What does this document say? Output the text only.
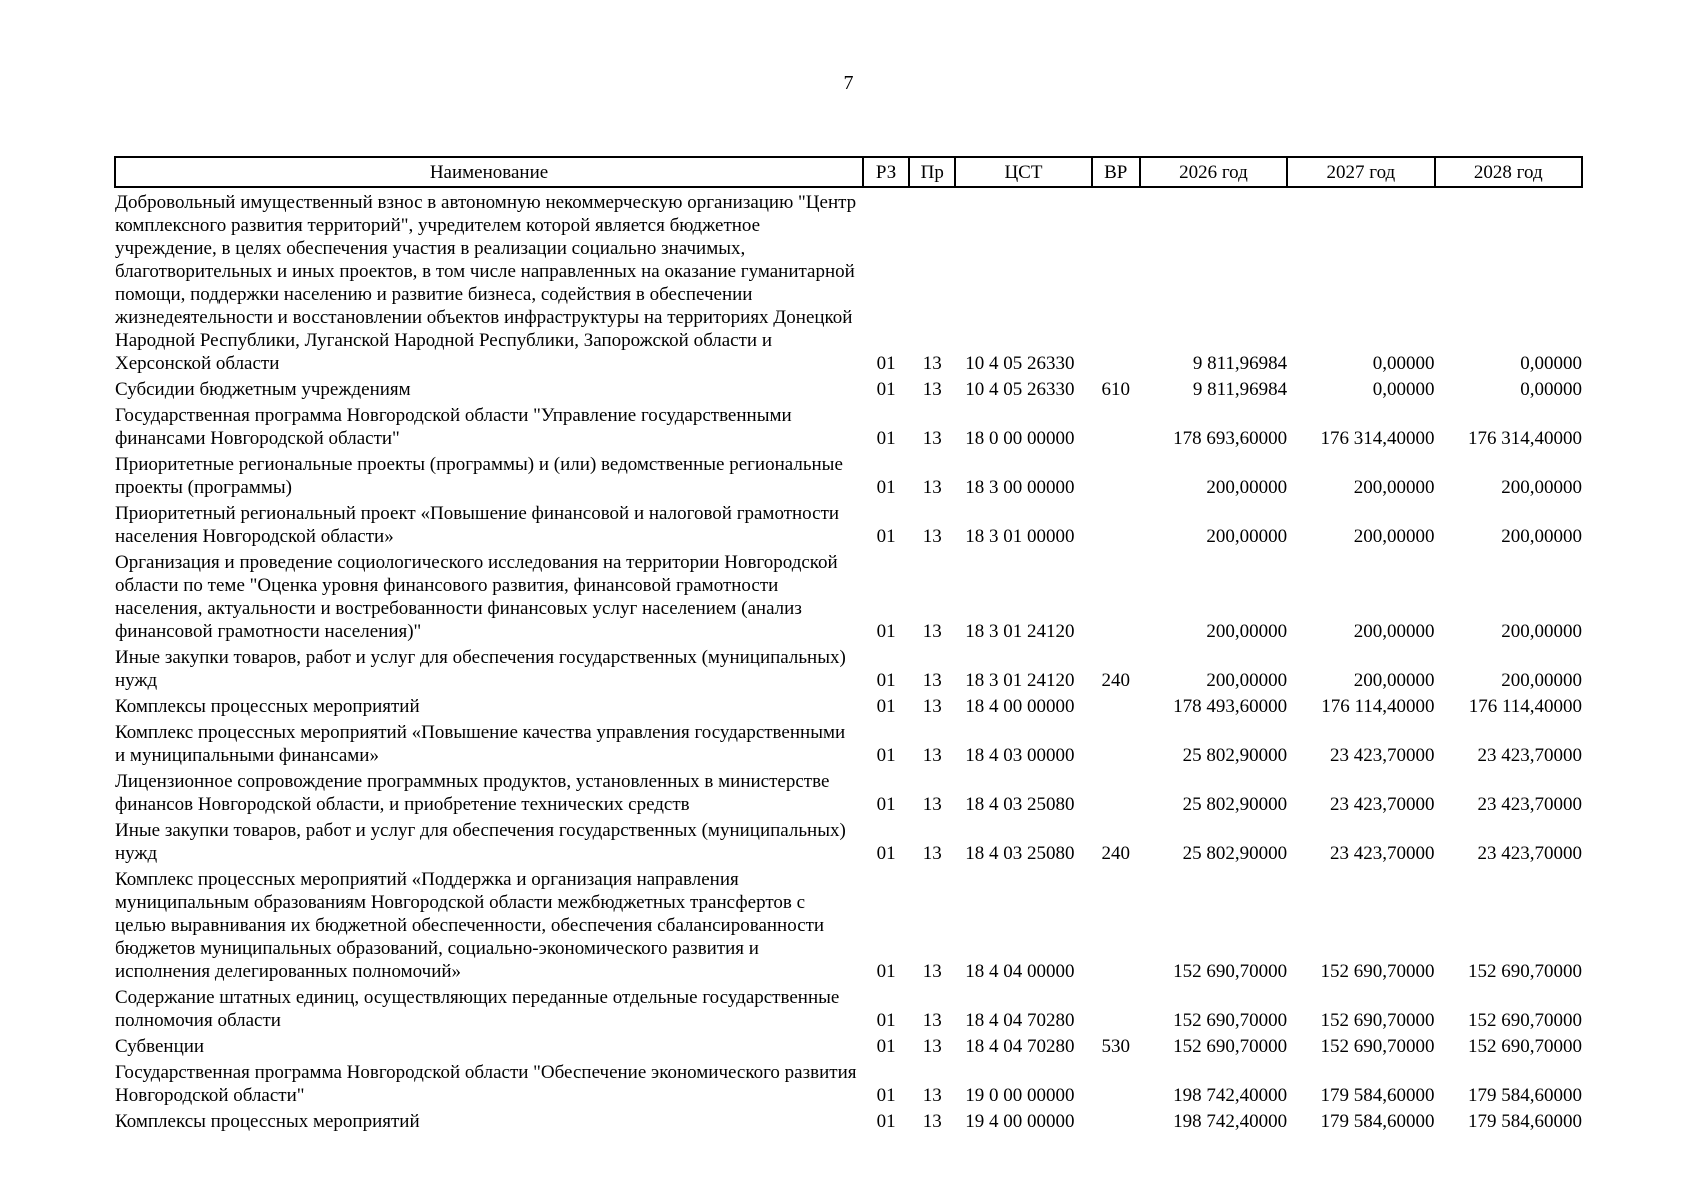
7
Наименование	РЗ	Пр	ЦСТ	ВР	2026 год	2027 год	2028 год
Добровольный имущественный взнос в автономную некоммерческую организацию "Центр комплексного развития территорий", учредителем которой является бюджетное учреждение, в целях обеспечения участия в реализации социально значимых, благотворительных и иных проектов, в том числе направленных на оказание гуманитарной помощи, поддержки населению и развитие бизнеса, содействия в обеспечении жизнедеятельности и восстановлении объектов инфраструктуры на территориях Донецкой Народной Республики, Луганской Народной Республики, Запорожской области и Херсонской области	01	13	10 4 05 26330		9 811,96984	0,00000	0,00000
Субсидии бюджетным учреждениям	01	13	10 4 05 26330	610	9 811,96984	0,00000	0,00000
Государственная программа Новгородской области "Управление государственными финансами Новгородской области"	01	13	18 0 00 00000		178 693,60000	176 314,40000	176 314,40000
Приоритетные региональные проекты (программы) и (или) ведомственные региональные проекты (программы)	01	13	18 3 00 00000		200,00000	200,00000	200,00000
Приоритетный региональный проект «Повышение финансовой и налоговой грамотности населения Новгородской области»	01	13	18 3 01 00000		200,00000	200,00000	200,00000
Организация и проведение социологического исследования на территории Новгородской области по теме "Оценка уровня финансового развития, финансовой грамотности населения, актуальности и востребованности финансовых услуг населением (анализ финансовой грамотности населения)"	01	13	18 3 01 24120		200,00000	200,00000	200,00000
Иные закупки товаров, работ и услуг для обеспечения государственных (муниципальных) нужд	01	13	18 3 01 24120	240	200,00000	200,00000	200,00000
Комплексы процессных мероприятий	01	13	18 4 00 00000		178 493,60000	176 114,40000	176 114,40000
Комплекс процессных мероприятий «Повышение качества управления государственными и муниципальными финансами»	01	13	18 4 03 00000		25 802,90000	23 423,70000	23 423,70000
Лицензионное сопровождение программных продуктов, установленных в министерстве финансов Новгородской области, и приобретение технических средств	01	13	18 4 03 25080		25 802,90000	23 423,70000	23 423,70000
Иные закупки товаров, работ и услуг для обеспечения государственных (муниципальных) нужд	01	13	18 4 03 25080	240	25 802,90000	23 423,70000	23 423,70000
Комплекс процессных мероприятий «Поддержка и организация направления муниципальным образованиям Новгородской области межбюджетных трансфертов с целью выравнивания их бюджетной обеспеченности, обеспечения сбалансированности бюджетов муниципальных образований, социально-экономического развития и исполнения делегированных полномочий»	01	13	18 4 04 00000		152 690,70000	152 690,70000	152 690,70000
Содержание штатных единиц, осуществляющих переданные отдельные государственные полномочия области	01	13	18 4 04 70280		152 690,70000	152 690,70000	152 690,70000
Субвенции	01	13	18 4 04 70280	530	152 690,70000	152 690,70000	152 690,70000
Государственная программа Новгородской области "Обеспечение экономического развития Новгородской области"	01	13	19 0 00 00000		198 742,40000	179 584,60000	179 584,60000
Комплексы процессных мероприятий	01	13	19 4 00 00000		198 742,40000	179 584,60000	179 584,60000
